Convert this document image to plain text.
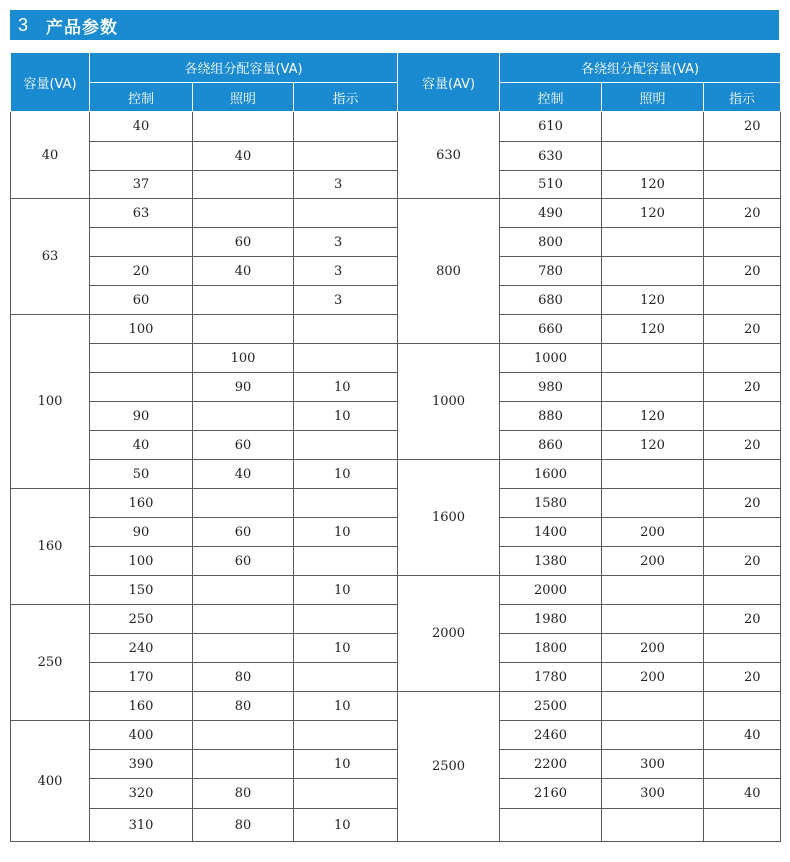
3	产品参数
容量(VA)	各绕组分配容量(VA)			容量(AV)	各绕组分配容量(VA)		
	控制	照明	指示		控制	照明	指示
40	40			630	610		20
		40			630		
	37		3		510	120	
63	63			800	490	120	20
		60	3		800		
	20	40	3		780		20
	60		3		680	120	
100	100				660	120	20
		100		1000	1000		
		90	10		980		20
	90		10		880	120	
	40	60			860	120	20
	50	40	10	1600	1600		
160	160				1580		20
	90	60	10		1400	200	
	100	60			1380	200	20
	150		10	2000	2000		
250	250				1980		20
	240		10		1800	200	
	170	80			1780	200	20
	160	80	10	2500	2500		
400	400				2460		40
	390		10		2200	300	
	320	80			2160	300	40
	310	80	10				
